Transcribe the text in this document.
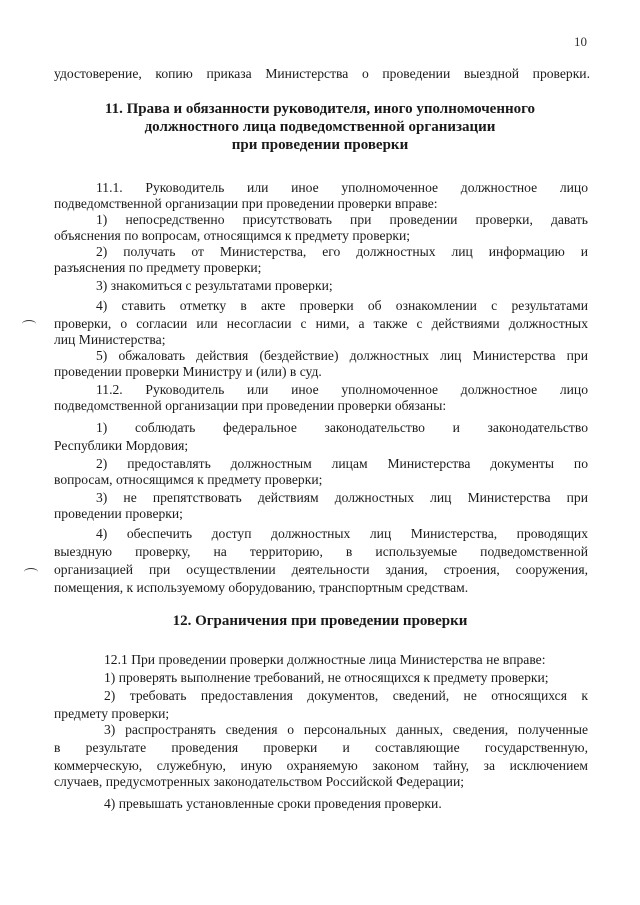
10
удостоверение, копию приказа Министерства о проведении выездной проверки.
11. Права и обязанности руководителя, иного уполномоченного
должностного лица подведомственной организации
при проведении проверки
11.1. Руководитель или иное уполномоченное должностное лицо
подведомственной организации при проведении проверки вправе:
1) непосредственно присутствовать при проведении проверки, давать
объяснения по вопросам, относящимся к предмету проверки;
2) получать от Министерства, его должностных лиц информацию и
разъяснения по предмету проверки;
3) знакомиться с результатами проверки;
4) ставить отметку в акте проверки об ознакомлении с результатами
проверки, о согласии или несогласии с ними, а также с действиями должностных
лиц Министерства;
5) обжаловать действия (бездействие) должностных лиц Министерства при
проведении проверки Министру и (или) в суд.
11.2. Руководитель или иное уполномоченное должностное лицо
подведомственной организации при проведении проверки обязаны:
1) соблюдать федеральное законодательство и законодательство
Республики Мордовия;
2) предоставлять должностным лицам Министерства документы по
вопросам, относящимся к предмету проверки;
3) не препятствовать действиям должностных лиц Министерства при
проведении проверки;
4) обеспечить доступ должностных лиц Министерства, проводящих
выездную проверку, на территорию, в используемые подведомственной
организацией при осуществлении деятельности здания, строения, сооружения,
помещения, к используемому оборудованию, транспортным средствам.
12. Ограничения при проведении проверки
12.1 При проведении проверки должностные лица Министерства не вправе:
1) проверять выполнение требований, не относящихся к предмету проверки;
2) требовать предоставления документов, сведений, не относящихся к
предмету проверки;
3) распространять сведения о персональных данных, сведения, полученные
в результате проведения проверки и составляющие государственную,
коммерческую, служебную, иную охраняемую законом тайну, за исключением
случаев, предусмотренных законодательством Российской Федерации;
4) превышать установленные сроки проведения проверки.
